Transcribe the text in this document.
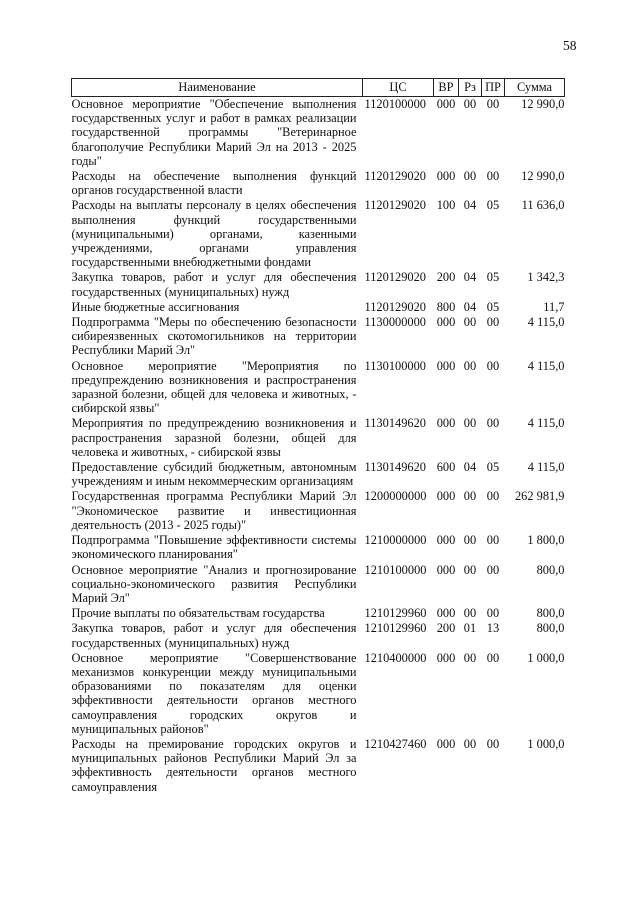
58
Наименование	ЦС	ВР	Рз	ПР	Сумма
Основное мероприятие "Обеспечение выполнения государственных услуг и работ в рамках реализации государственной программы "Ветеринарное благополучие Республики Марий Эл на 2013 - 2025 годы"	1120100000	000	00	00	12 990,0
Расходы на обеспечение выполнения функций органов государственной власти	1120129020	000	00	00	12 990,0
Расходы на выплаты персоналу в целях обеспечения выполнения функций государственными (муниципальными) органами, казенными учреждениями, органами управления государственными внебюджетными фондами	1120129020	100	04	05	11 636,0
Закупка товаров, работ и услуг для обеспечения государственных (муниципальных) нужд	1120129020	200	04	05	1 342,3
Иные бюджетные ассигнования	1120129020	800	04	05	11,7
Подпрограмма "Меры по обеспечению безопасности сибиреязвенных скотомогильников на территории Республики Марий Эл"	1130000000	000	00	00	4 115,0
Основное мероприятие "Мероприятия по предупреждению возникновения и распространения заразной болезни, общей для человека и животных, - сибирской язвы"	1130100000	000	00	00	4 115,0
Мероприятия по предупреждению возникновения и распространения заразной болезни, общей для человека и животных, - сибирской язвы	1130149620	000	00	00	4 115,0
Предоставление субсидий бюджетным, автономным учреждениям и иным некоммерческим организациям	1130149620	600	04	05	4 115,0
Государственная программа Республики Марий Эл "Экономическое развитие и инвестиционная деятельность (2013 - 2025 годы)"	1200000000	000	00	00	262 981,9
Подпрограмма "Повышение эффективности системы экономического планирования"	1210000000	000	00	00	1 800,0
Основное мероприятие "Анализ и прогнозирование социально-экономического развития Республики Марий Эл"	1210100000	000	00	00	800,0
Прочие выплаты по обязательствам государства	1210129960	000	00	00	800,0
Закупка товаров, работ и услуг для обеспечения государственных (муниципальных) нужд	1210129960	200	01	13	800,0
Основное мероприятие "Совершенствование механизмов конкуренции между муниципальными образованиями по показателям для оценки эффективности деятельности органов местного самоуправления городских округов и муниципальных районов"	1210400000	000	00	00	1 000,0
Расходы на премирование городских округов и муниципальных районов Республики Марий Эл за эффективность деятельности органов местного самоуправления	1210427460	000	00	00	1 000,0
